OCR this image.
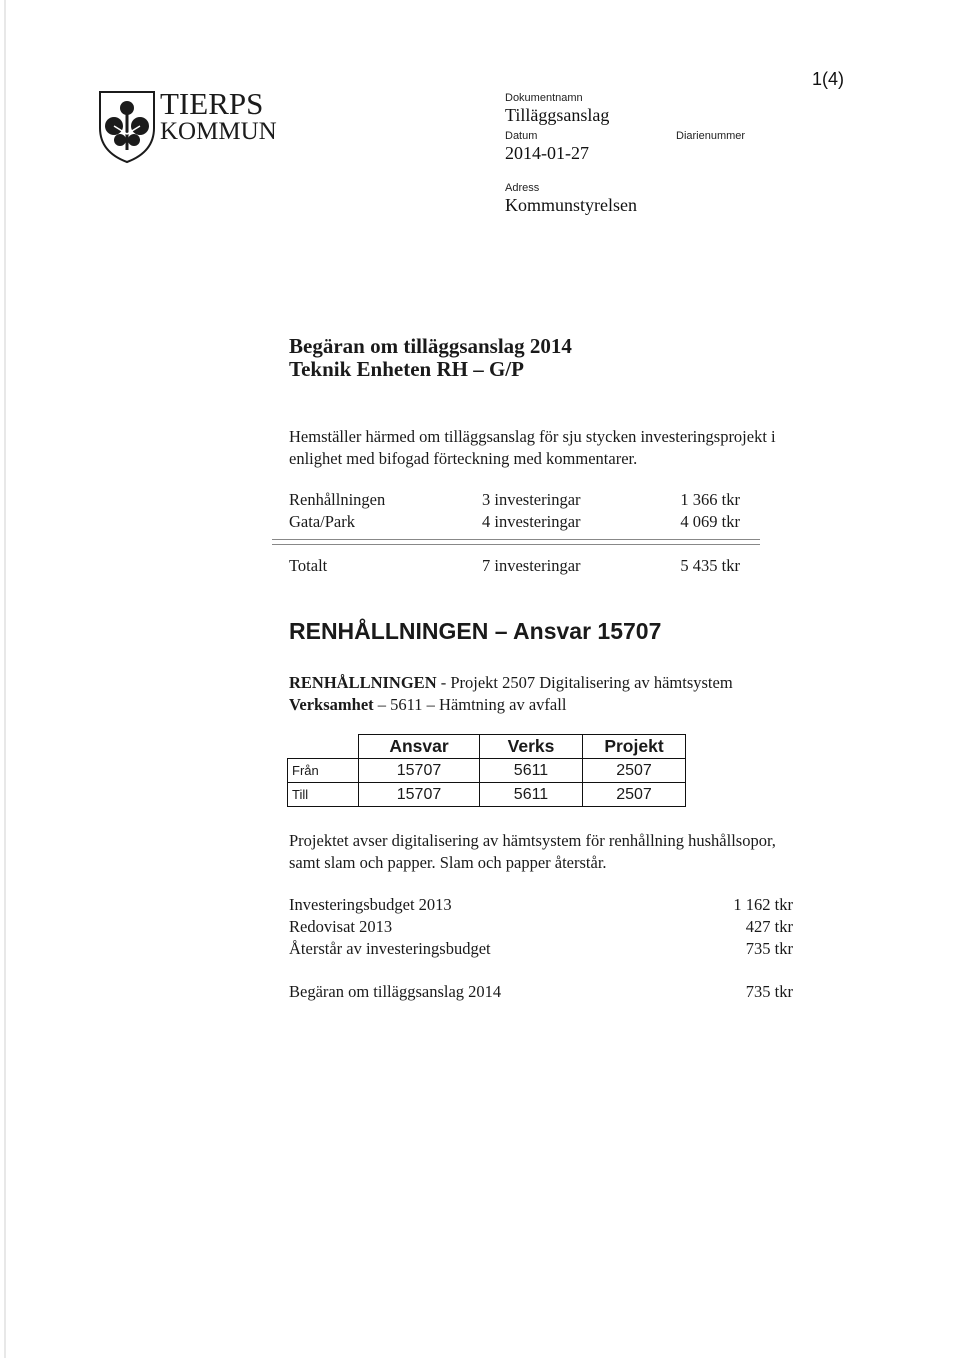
TIERPS
KOMMUN
Dokumentnamn
Tilläggsanslag
Datum
2014-01-27
Diarienummer
Adress
Kommunstyrelsen
1(4)
Begäran om tilläggsanslag 2014
Teknik Enheten RH – G/P
Hemställer härmed om tilläggsanslag för sju stycken investeringsprojekt i
enlighet med bifogad förteckning med kommentarer.
Renhållningen	3 investeringar	1 366 tkr
Gata/Park	4 investeringar	4 069 tkr
Totalt	7 investeringar	5 435 tkr
RENHÅLLNINGEN – Ansvar 15707
RENHÅLLNINGEN - Projekt 2507 Digitalisering av hämtsystem
Verksamhet – 5611 – Hämtning av avfall
	Ansvar	Verks	Projekt
Från	15707	5611	2507
Till	15707	5611	2507
Projektet avser digitalisering av hämtsystem för renhållning hushållsopor,
samt slam och papper. Slam och papper återstår.
Investeringsbudget 2013	1 162 tkr
Redovisat 2013	427 tkr
Återstår av investeringsbudget	735 tkr
Begäran om tilläggsanslag 2014	735 tkr
